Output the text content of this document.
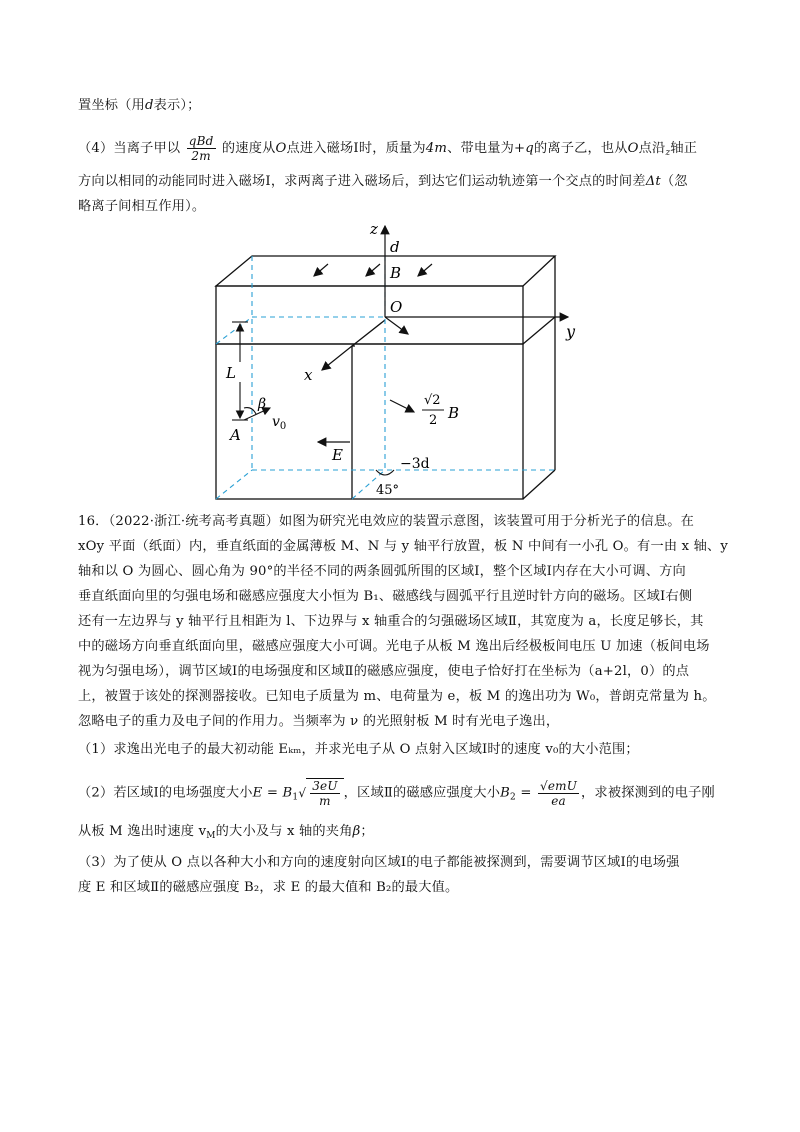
置坐标（用d表示）；
（4）当离子甲以 $\frac{\text{qBd}}{2m}$ 的速度从O点进入磁场Ⅰ时，质量为4m、带电量为+q的离子乙，也从O点沿$_z$轴正
方向以相同的动能同时进入磁场Ⅰ，求两离子进入磁场后，到达它们运动轨迹第一个交点的时间差Δt（忽
略离子间相互作用）。
z
d
B
O
y
x
L
β
$v_0$
A
√2
2 B
E	−3d
45°
16．（2022·浙江·统考高考真题）如图为研究光电效应的装置示意图，该装置可用于分析光子的信息。在
xOy 平面（纸面）内，垂直纸面的金属薄板 M、N 与 y 轴平行放置，板 N 中间有一小孔 O。有一由 x 轴、y
轴和以 O 为圆心、圆心角为 90°的半径不同的两条圆弧所围的区域Ⅰ，整个区域Ⅰ内存在大小可调、方向
垂直纸面向里的匀强电场和磁感应强度大小恒为 B₁、磁感线与圆弧平行且逆时针方向的磁场。区域Ⅰ右侧
还有一左边界与 y 轴平行且相距为 l、下边界与 x 轴重合的匀强磁场区域Ⅱ，其宽度为 a，长度足够长，其
中的磁场方向垂直纸面向里，磁感应强度大小可调。光电子从板 M 逸出后经极板间电压 U 加速（板间电场
视为匀强电场），调节区域Ⅰ的电场强度和区域Ⅱ的磁感应强度，使电子恰好打在坐标为（a+2l，0）的点
上，被置于该处的探测器接收。已知电子质量为 m、电荷量为 e，板 M 的逸出功为 W₀，普朗克常量为 h。
忽略电子的重力及电子间的作用力。当频率为 ν 的光照射板 M 时有光电子逸出，
（1）求逸出光电子的最大初动能 Eₖₘ，并求光电子从 O 点射入区域Ⅰ时的速度 v₀的大小范围；
（2）若区域Ⅰ的电场强度大小$E = B_1√ \frac{3eU}{m}$ ，区域Ⅱ的磁感应强度大小$B_2 = \frac{\text{√emU}}{ea}$ ，求被探测到的电子刚
从板 M 逸出时速度 $v_M$的大小及与 x 轴的夹角β；
（3）为了使从 O 点以各种大小和方向的速度射向区域Ⅰ的电子都能被探测到，需要调节区域Ⅰ的电场强
度 E 和区域Ⅱ的磁感应强度 B₂，求 E 的最大值和 B₂的最大值。
